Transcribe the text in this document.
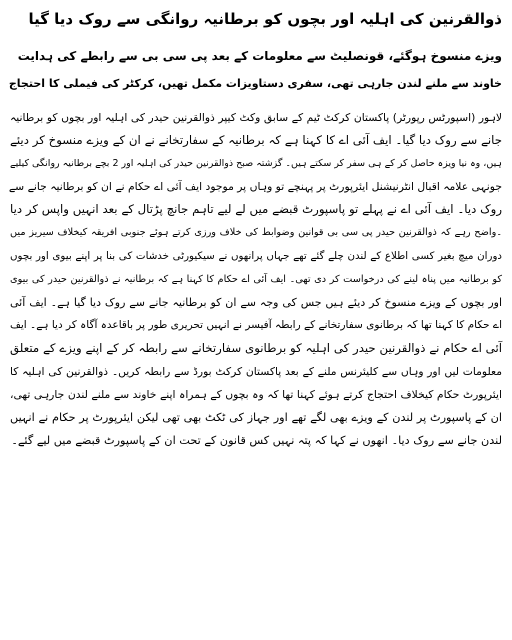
ذوالقرنین کی اہلیہ اور بچوں کو برطانیہ روانگی سے روک دیا گیا

ویزے منسوخ ہوگئے، قونصلیٹ سے معلومات کے بعد پی سی بی سے رابطے کی ہدایت

خاوند سے ملنے لندن جارہی تھی، سفری دستاویزات مکمل تھیں، کرکٹر کی فیملی کا احتجاج

لاہور (اسپورٹس رپورٹر) پاکستان کرکٹ ٹیم کے سابق وکٹ کیپر ذوالقرنین حیدر کی اہلیہ اور بچوں کو برطانیہ

جانے سے روک دیا گیا۔ ایف آئی اے کا کہنا ہے کہ برطانیہ کے سفارتخانے نے ان کے ویزے منسوخ کر دیئے

ہیں، وہ نیا ویزہ حاصل کر کے ہی سفر کر سکتے ہیں۔ گزشتہ صبح ذوالقرنین حیدر کی اہلیہ اور 2 بچے برطانیہ روانگی کیلیے

جونہی علامہ اقبال انٹرنیشنل ایئرپورٹ پر پہنچے تو وہاں پر موجود ایف آئی اے حکام نے ان کو برطانیہ جانے سے

روک دیا۔ ایف آئی اے نے پہلے تو پاسپورٹ قبضے میں لے لیے تاہم جانچ پڑتال کے بعد انہیں واپس کر دیا

۔واضح رہے کہ ذوالقرنین حیدر پی سی بی قوانین وضوابط کی خلاف ورزی کرتے ہوئے جنوبی افریقہ کیخلاف سیریز میں

دوران میچ بغیر کسی اطلاع کے لندن چلے گئے تھے جہاں پرانھوں نے سیکیورٹی خدشات کی بنا پر اپنے بیوی اور بچوں

کو برطانیہ میں پناہ لینے کی درخواست کر دی تھی۔ ایف آئی اے حکام کا کہنا ہے کہ برطانیہ نے ذوالقرنین حیدر کی بیوی

اور بچوں کے ویزے منسوخ کر دیئے ہیں جس کی وجہ سے ان کو برطانیہ جانے سے روک دیا گیا ہے۔ ایف آئی

اے حکام کا کہنا تھا کہ برطانوی سفارتخانے کے رابطہ آفیسر نے انہیں تحریری طور پر باقاعدہ آگاہ کر دیا ہے۔ ایف

آئی اے حکام نے ذوالقرنین حیدر کی اہلیہ کو برطانوی سفارتخانے سے رابطہ کر کے اپنے ویزے کے متعلق

معلومات لیں اور وہاں سے کلیئرنس ملنے کے بعد پاکستان کرکٹ بورڈ سے رابطہ کریں۔ ذوالقرنین کی اہلیہ کا

ایئرپورٹ حکام کیخلاف احتجاج کرتے ہوئے کہنا تھا کہ وہ بچوں کے ہمراہ اپنے خاوند سے ملنے لندن جارہی تھی،

ان کے پاسپورٹ پر لندن کے ویزے بھی لگے تھے اور جہاز کی ٹکٹ بھی تھی لیکن ایئرپورٹ پر حکام نے انہیں

لندن جانے سے روک دیا۔ انھوں نے کہا کہ پتہ نہیں کس قانون کے تحت ان کے پاسپورٹ قبضے میں لیے گئے۔
